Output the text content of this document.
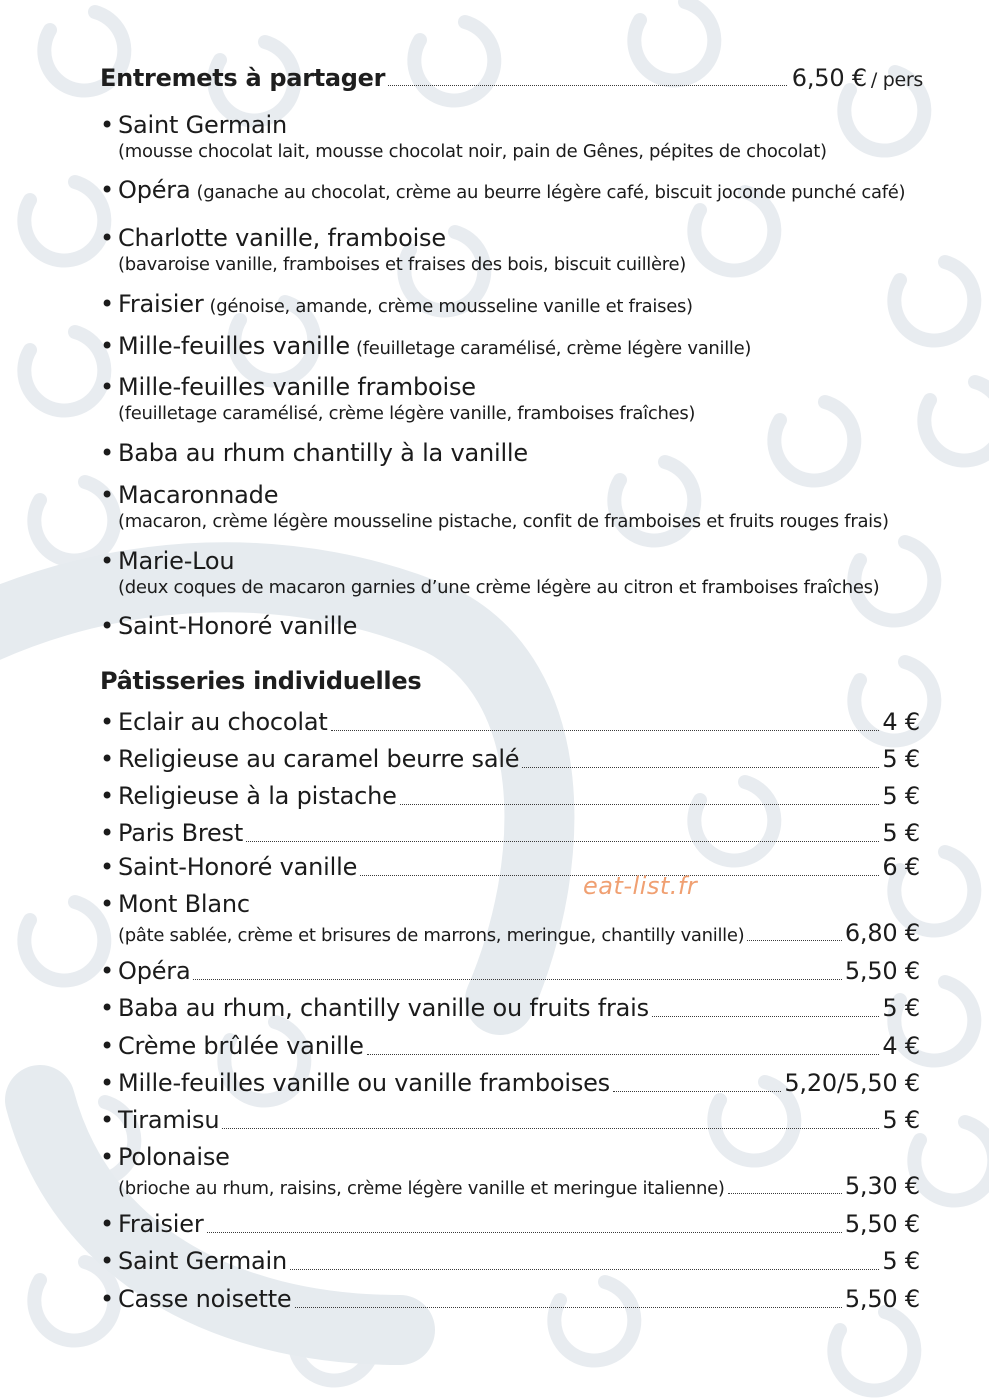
Entremets à partager	6,50 € / pers
• Saint Germain
(mousse chocolat lait, mousse chocolat noir, pain de Gênes, pépites de chocolat)
• Opéra (ganache au chocolat, crème au beurre légère café, biscuit joconde punché café)
• Charlotte vanille, framboise
(bavaroise vanille, framboises et fraises des bois, biscuit cuillère)
• Fraisier (génoise, amande, crème mousseline vanille et fraises)
• Mille-feuilles vanille (feuilletage caramélisé, crème légère vanille)
• Mille-feuilles vanille framboise
(feuilletage caramélisé, crème légère vanille, framboises fraîches)
• Baba au rhum chantilly à la vanille
• Macaronnade
(macaron, crème légère mousseline pistache, confit de framboises et fruits rouges frais)
• Marie-Lou
(deux coques de macaron garnies d’une crème légère au citron et framboises fraîches)
• Saint-Honoré vanille
Pâtisseries individuelles
• Eclair au chocolat	4 €
• Religieuse au caramel beurre salé	5 €
• Religieuse à la pistache	5 €
• Paris Brest	5 €
• Saint-Honoré vanille	6 €
• Mont Blanc
(pâte sablée, crème et brisures de marrons, meringue, chantilly vanille)	6,80 €
• Opéra	5,50 €
• Baba au rhum, chantilly vanille ou fruits frais	5 €
• Crème brûlée vanille	4 €
• Mille-feuilles vanille ou vanille framboises	5,20/5,50 €
• Tiramisu	5 €
• Polonaise
(brioche au rhum, raisins, crème légère vanille et meringue italienne)	5,30 €
• Fraisier	5,50 €
• Saint Germain	5 €
• Casse noisette	5,50 €
eat-list.fr
